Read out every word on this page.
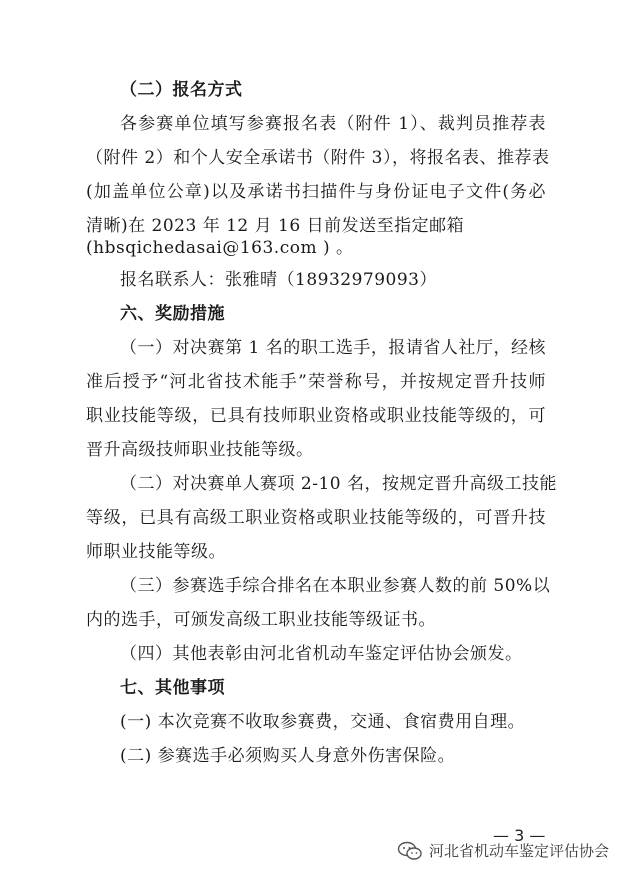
（二）报名方式
各参赛单位填写参赛报名表（附件 1）、裁判员推荐表
（附件 2）和个人安全承诺书（附件 3），将报名表、推荐表
(加盖单位公章)以及承诺书扫描件与身份证电子文件(务必
清晰)在 2023 年 12 月 16 日前发送至指定邮箱
(hbsqichedasai@163.com ) 。
报名联系人：张雅晴（18932979093）
六、奖励措施
（一）对决赛第 1 名的职工选手，报请省人社厅，经核
准后授予“河北省技术能手”荣誉称号，并按规定晋升技师
职业技能等级，已具有技师职业资格或职业技能等级的，可
晋升高级技师职业技能等级。
（二）对决赛单人赛项 2-10 名，按规定晋升高级工技能
等级，已具有高级工职业资格或职业技能等级的，可晋升技
师职业技能等级。
（三）参赛选手综合排名在本职业参赛人数的前 50%以
内的选手，可颁发高级工职业技能等级证书。
（四）其他表彰由河北省机动车鉴定评估协会颁发。
七、其他事项
(一) 本次竞赛不收取参赛费，交通、食宿费用自理。
(二) 参赛选手必须购买人身意外伤害保险。
— 3 —
河北省机动车鉴定评估协会
